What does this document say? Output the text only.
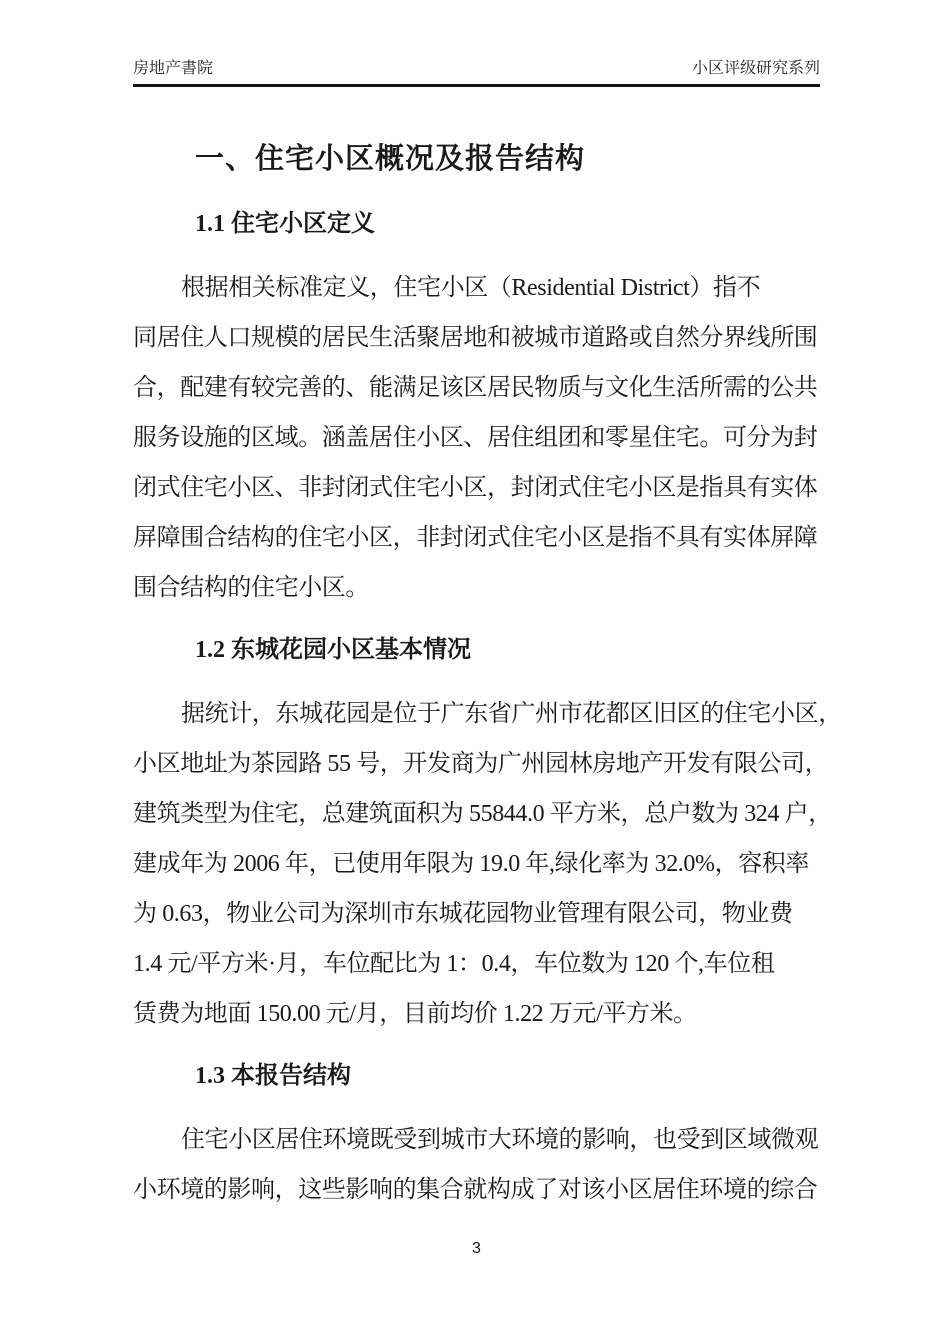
房地产書院	小区评级研究系列
一、住宅小区概况及报告结构
1.1 住宅小区定义
根据相关标准定义，住宅小区（Residential District）指不
同居住人口规模的居民生活聚居地和被城市道路或自然分界线所围
合，配建有较完善的、能满足该区居民物质与文化生活所需的公共
服务设施的区域。涵盖居住小区、居住组团和零星住宅。可分为封
闭式住宅小区、非封闭式住宅小区，封闭式住宅小区是指具有实体
屏障围合结构的住宅小区，非封闭式住宅小区是指不具有实体屏障
围合结构的住宅小区。
1.2 东城花园小区基本情况
据统计，东城花园是位于广东省广州市花都区旧区的住宅小区，
小区地址为茶园路 55 号，开发商为广州园林房地产开发有限公司，
建筑类型为住宅，总建筑面积为 55844.0 平方米，总户数为 324 户，
建成年为 2006 年，已使用年限为 19.0 年,绿化率为 32.0%，容积率
为 0.63，物业公司为深圳市东城花园物业管理有限公司，物业费
1.4 元/平方米·月，车位配比为 1：0.4，车位数为 120 个,车位租
赁费为地面 150.00 元/月，目前均价 1.22 万元/平方米。
1.3 本报告结构
住宅小区居住环境既受到城市大环境的影响，也受到区域微观
小环境的影响，这些影响的集合就构成了对该小区居住环境的综合
3
